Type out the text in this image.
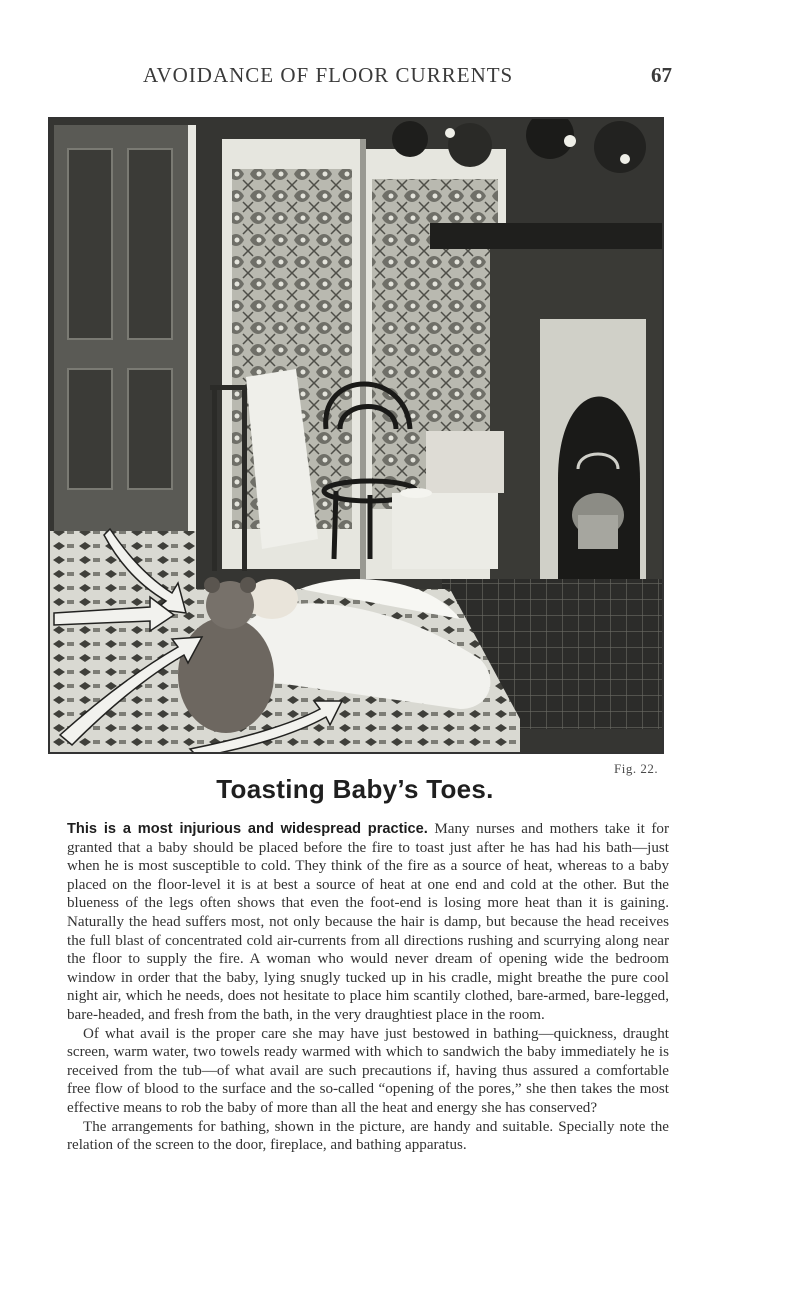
AVOIDANCE OF FLOOR CURRENTS	67
Fig. 22.
Toasting Baby’s Toes.

This is a most injurious and widespread practice. Many nurses and mothers take it for granted that a baby should be placed before the fire to toast just after he has had his bath—just when he is most susceptible to cold. They think of the fire as a source of heat, whereas to a baby placed on the floor-level it is at best a source of heat at one end and cold at the other. But the blueness of the legs often shows that even the foot-end is losing more heat than it is gaining. Naturally the head suffers most, not only because the hair is damp, but because the head receives the full blast of concentrated cold air-currents from all directions rushing and scurrying along near the floor to supply the fire. A woman who would never dream of opening wide the bedroom window in order that the baby, lying snugly tucked up in his cradle, might breathe the pure cool night air, which he needs, does not hesitate to place him scantily clothed, bare-armed, bare-legged, bare-headed, and fresh from the bath, in the very draughtiest place in the room.

Of what avail is the proper care she may have just bestowed in bathing—quickness, draught screen, warm water, two towels ready warmed with which to sandwich the baby immediately he is received from the tub—of what avail are such precautions if, having thus assured a comfortable free flow of blood to the surface and the so-called “opening of the pores,” she then takes the most effective means to rob the baby of more than all the heat and energy she has conserved?

The arrangements for bathing, shown in the picture, are handy and suitable. Specially note the relation of the screen to the door, fireplace, and bathing apparatus.
